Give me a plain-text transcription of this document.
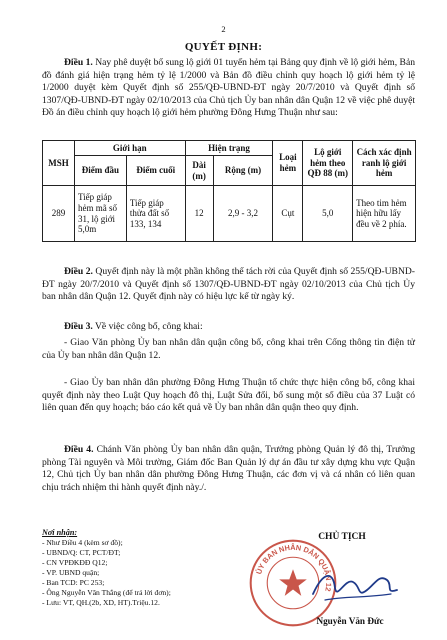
2
QUYẾT ĐỊNH:

Điều 1. Nay phê duyệt bổ sung lộ giới 01 tuyến hẻm tại Bảng quy định về lộ giới hẻm, Bản đồ đánh giá hiện trạng hẻm tỷ lệ 1/2000 và Bản đồ điều chỉnh quy hoạch lộ giới hẻm tỷ lệ 1/2000 duyệt kèm Quyết định số 255/QĐ-UBND-ĐT ngày 20/7/2010 và Quyết định số 1307/QĐ-UBND-ĐT ngày 02/10/2013 của Chủ tịch Ủy ban nhân dân Quận 12 về việc phê duyệt Đồ án điều chỉnh quy hoạch lộ giới hẻm phường Đông Hưng Thuận như sau:

MSH	Giới hạn		Hiện trạng		Loại hẻm	Lộ giới hẻm theo QĐ 88 (m)	Cách xác định ranh lộ giới hẻm
	Điểm đầu	Điểm cuối	Dài (m)	Rộng (m)			
289	Tiếp giáp hẻm mã số 31, lộ giới 5,0m	Tiếp giáp thửa đất số 133, 134	12	2,9 - 3,2	Cụt	5,0	Theo tim hẻm hiện hữu lấy đều về 2 phía.

Điều 2. Quyết định này là một phần không thể tách rời của Quyết định số 255/QĐ-UBND-ĐT ngày 20/7/2010 và Quyết định số 1307/QĐ-UBND-ĐT ngày 02/10/2013 của Chủ tịch Ủy ban nhân dân Quận 12. Quyết định này có hiệu lực kể từ ngày ký.

Điều 3. Về việc công bố, công khai:

- Giao Văn phòng Ủy ban nhân dân quận công bố, công khai trên Cổng thông tin điện tử của Ủy ban nhân dân Quận 12.

- Giao Ủy ban nhân dân phường Đông Hưng Thuận tổ chức thực hiện công bố, công khai quyết định này theo Luật Quy hoạch đô thị, Luật Sửa đổi, bổ sung một số điều của 37 Luật có liên quan đến quy hoạch; báo cáo kết quả về Ủy ban nhân dân quận theo quy định.

Điều 4. Chánh Văn phòng Ủy ban nhân dân quận, Trưởng phòng Quản lý đô thị, Trưởng phòng Tài nguyên và Môi trường, Giám đốc Ban Quản lý dự án đầu tư xây dựng khu vực Quận 12, Chủ tịch Ủy ban nhân dân phường Đông Hưng Thuận, các đơn vị và cá nhân có liên quan chịu trách nhiệm thi hành quyết định này./.

Nơi nhận:
- Như Điều 4 (kèm sơ đồ);
- UBND/Q: CT, PCT/ĐT;
- CN VPĐKĐĐ Q12;
- VP. UBND quận;
- Ban TCD: PC 253;
- Ông Nguyễn Văn Thắng (để trả lời đơn);
- Lưu: VT, QH.(2b, XD, HT).Triệu.12.
ỦY BAN NHÂN DÂN QUẬN 12
CHỦ TỊCH
Nguyễn Văn Đức
